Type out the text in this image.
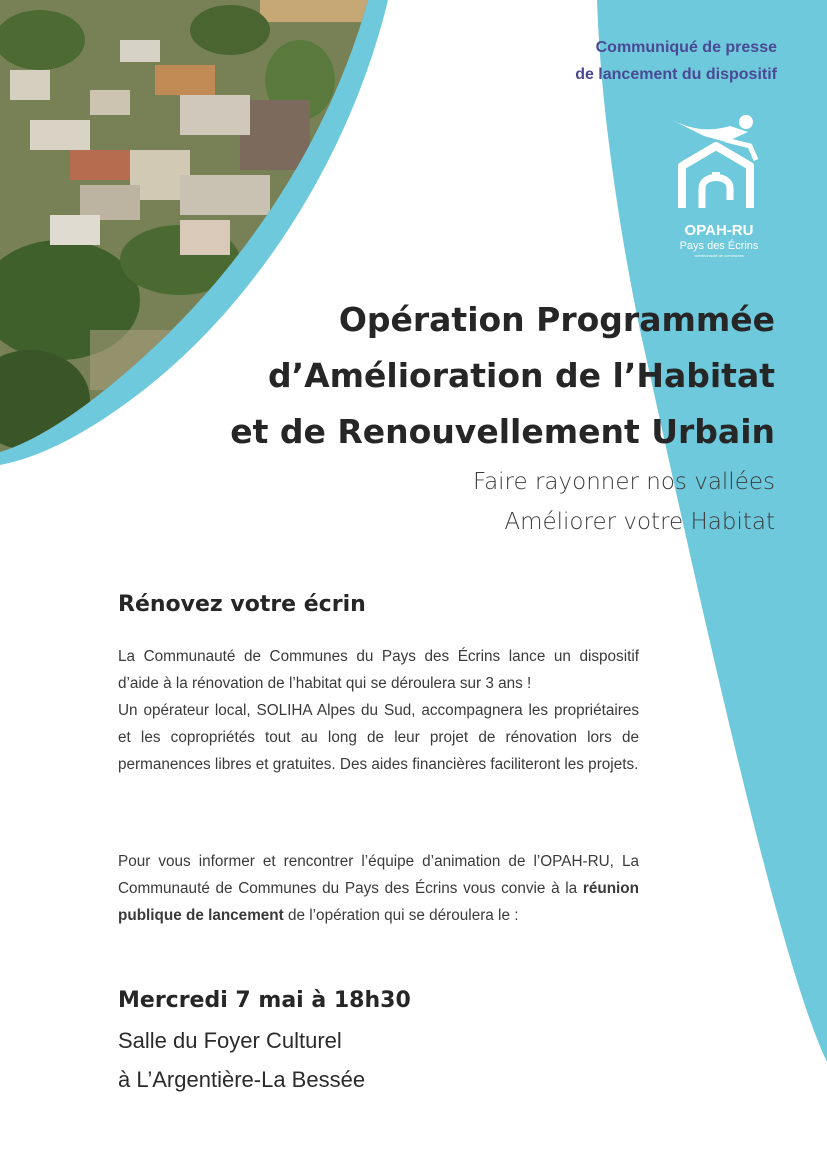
Communiqué de presse
de lancement du dispositif
OPAH-RU
Pays des Écrins
communauté de communes
Opération Programmée
d’Amélioration de l’Habitat
et de Renouvellement Urbain
Faire rayonner nos vallées
Améliorer votre Habitat
Rénovez votre écrin

La Communauté de Communes du Pays des Écrins lance un dispositif d’aide à la rénovation de l’habitat qui se déroulera sur 3 ans !

Un opérateur local, SOLIHA Alpes du Sud, accompagnera les propriétaires et les copropriétés tout au long de leur projet de rénovation lors de permanences libres et gratuites. Des aides financières faciliteront les projets.

Pour vous informer et rencontrer l’équipe d’animation de l’OPAH-RU, La Communauté de Communes du Pays des Écrins vous convie à la réunion publique de lancement de l’opération qui se déroulera le :

Mercredi 7 mai à 18h30
Salle du Foyer Culturel
à L’Argentière-La Bessée
